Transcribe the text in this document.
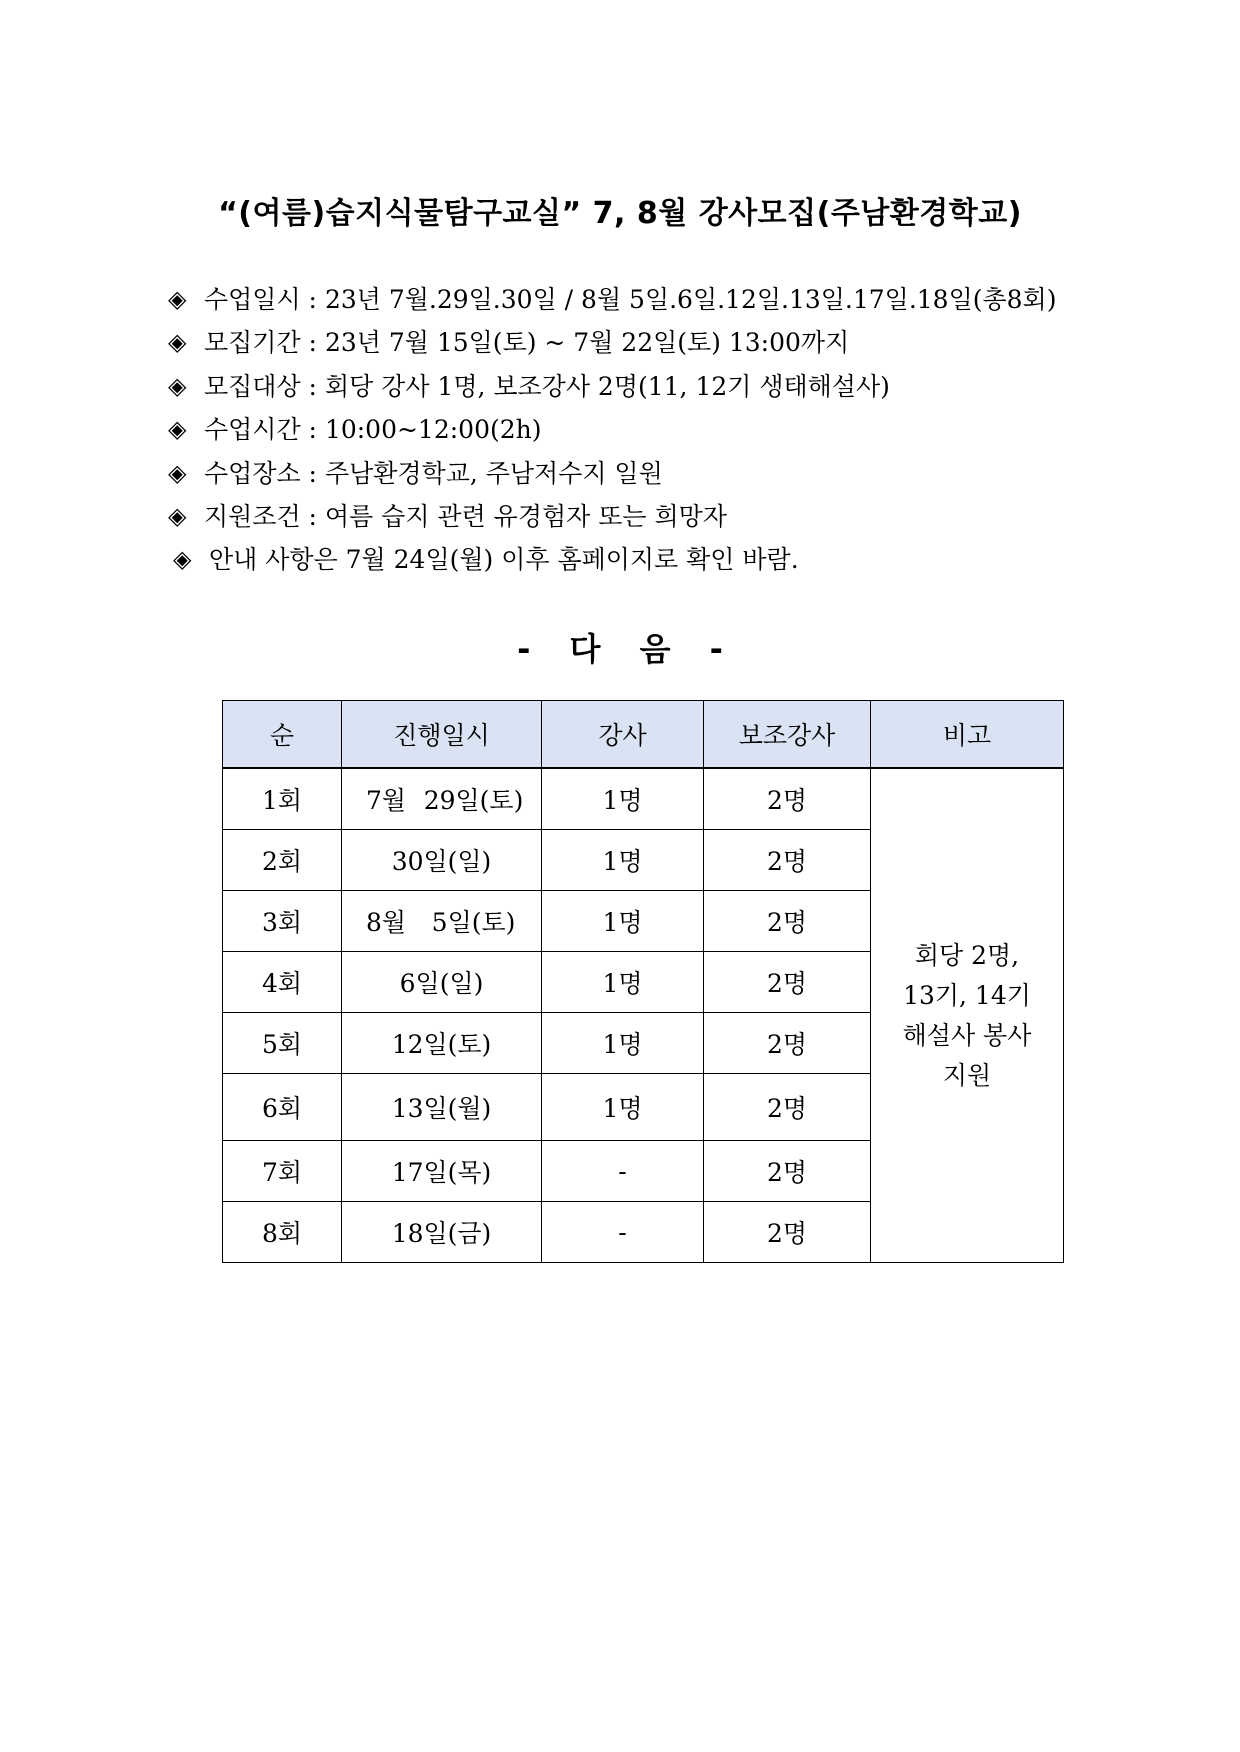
“(여름)습지식물탐구교실” 7, 8월 강사모집(주남환경학교)
◈ 수업일시 : 23년 7월.29일.30일 / 8월 5일.6일.12일.13일.17일.18일(총8회)
◈ 모집기간 : 23년 7월 15일(토) ~ 7월 22일(토) 13:00까지
◈ 모집대상 : 회당 강사 1명, 보조강사 2명(11, 12기 생태해설사)
◈ 수업시간 : 10:00~12:00(2h)
◈ 수업장소 : 주남환경학교, 주남저수지 일원
◈ 지원조건 : 여름 습지 관련 유경험자 또는 희망자
◈ 안내 사항은 7월 24일(월) 이후 홈페이지로 확인 바람.
- 다 음 -
순	진행일시	강사	보조강사	비고
1회	7월 29일(토)	1명	2명	회당 2명,
13기, 14기
해설사 봉사
지원

2회	30일(일)	1명	2명	
3회	8월 5일(토)	1명	2명	
4회	6일(일)	1명	2명	
5회	12일(토)	1명	2명	
6회	13일(월)	1명	2명	
7회	17일(목)	-	2명	
8회	18일(금)	-	2명	
